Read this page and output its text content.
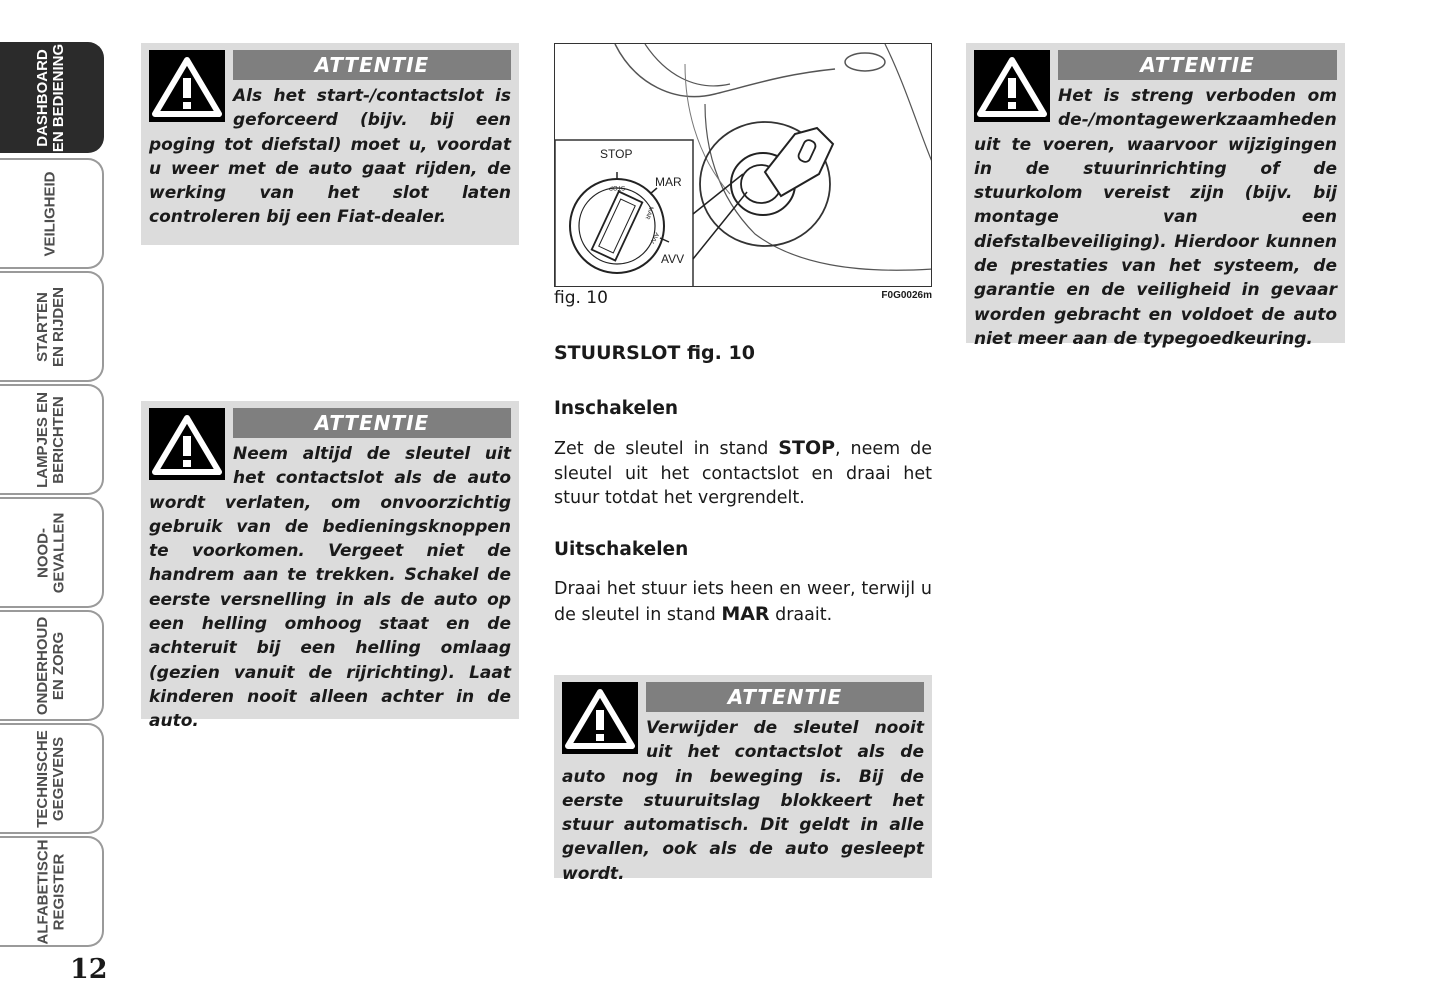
DASHBOARD EN BEDIENING
VEILIGHEID
STARTEN EN RIJDEN
LAMPJES EN BERICHTEN
NOOD- GEVALLEN
ONDERHOUD EN ZORG
TECHNISCHE GEGEVENS
ALFABETISCH REGISTER
12
ATTENTIE

Als het start-/contactslot is geforceerd (bijv. bij een poging tot diefstal) moet u, voordat u weer met de auto gaat rijden, de werking van het slot laten controleren bij een Fiat-dealer.

ATTENTIE

Neem altijd de sleutel uit het contactslot als de auto wordt verlaten, om onvoorzichtig gebruik van de bedieningsknoppen te voorkomen. Vergeet niet de handrem aan te trekken. Schakel de eerste versnelling in als de auto op een helling omhoog staat en de achteruit bij een helling omlaag (gezien vanuit de rijrichting). Laat kinderen nooit alleen achter in de auto.

STOP
MAR
AVV
STOP
MAR
AVV
fig. 10	F0G0026m
STUURSLOT fig. 10
Inschakelen

Zet de sleutel in stand STOP, neem de sleutel uit het contactslot en draai het stuur totdat het vergrendelt.

Uitschakelen

Draai het stuur iets heen en weer, terwijl u de sleutel in stand MAR draait.

ATTENTIE

Verwijder de sleutel nooit uit het contactslot als de auto nog in beweging is. Bij de eerste stuuruitslag blokkeert het stuur automatisch. Dit geldt in alle gevallen, ook als de auto gesleept wordt.

ATTENTIE

Het is streng verboden om de-/montagewerkzaamheden uit te voeren, waarvoor wijzigingen in de stuurinrichting of de stuurkolom vereist zijn (bijv. bij montage van een diefstalbeveiliging). Hierdoor kunnen de prestaties van het systeem, de garantie en de veiligheid in gevaar worden gebracht en voldoet de auto niet meer aan de typegoedkeuring.
